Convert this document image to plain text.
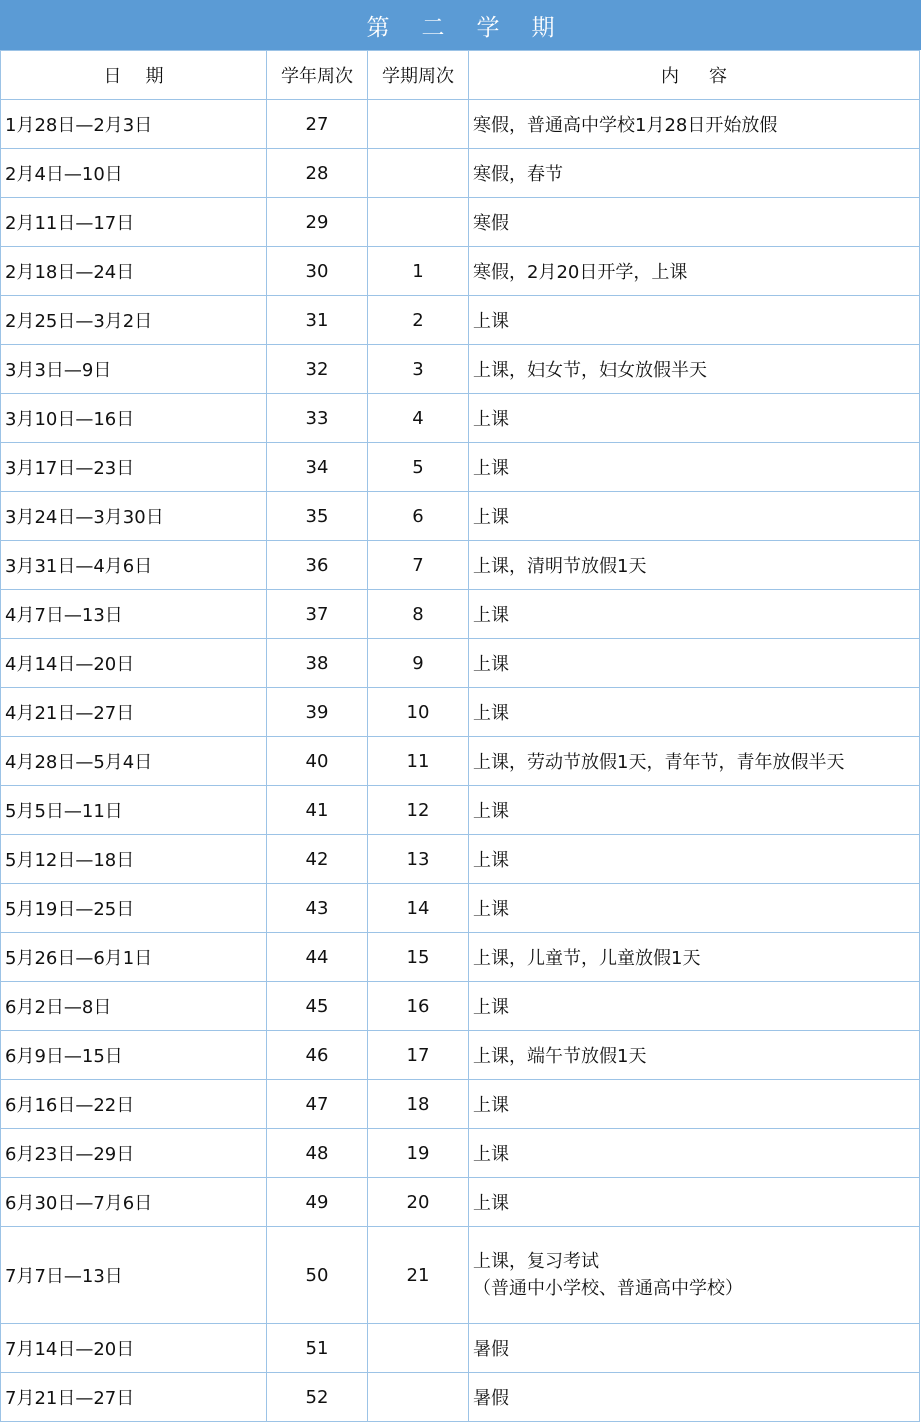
第二学期
日期	学年周次	学期周次	内容
1月28日—2月3日	27		寒假，普通高中学校1月28日开始放假
2月4日—10日	28		寒假，春节
2月11日—17日	29		寒假
2月18日—24日	30	1	寒假，2月20日开学，上课
2月25日—3月2日	31	2	上课
3月3日—9日	32	3	上课，妇女节，妇女放假半天
3月10日—16日	33	4	上课
3月17日—23日	34	5	上课
3月24日—3月30日	35	6	上课
3月31日—4月6日	36	7	上课，清明节放假1天
4月7日—13日	37	8	上课
4月14日—20日	38	9	上课
4月21日—27日	39	10	上课
4月28日—5月4日	40	11	上课，劳动节放假1天，青年节，青年放假半天
5月5日—11日	41	12	上课
5月12日—18日	42	13	上课
5月19日—25日	43	14	上课
5月26日—6月1日	44	15	上课，儿童节，儿童放假1天
6月2日—8日	45	16	上课
6月9日—15日	46	17	上课，端午节放假1天
6月16日—22日	47	18	上课
6月23日—29日	48	19	上课
6月30日—7月6日	49	20	上课
7月7日—13日	50	21	上课，复习考试
（普通中小学校、普通高中学校）

7月14日—20日	51		暑假
7月21日—27日	52		暑假
